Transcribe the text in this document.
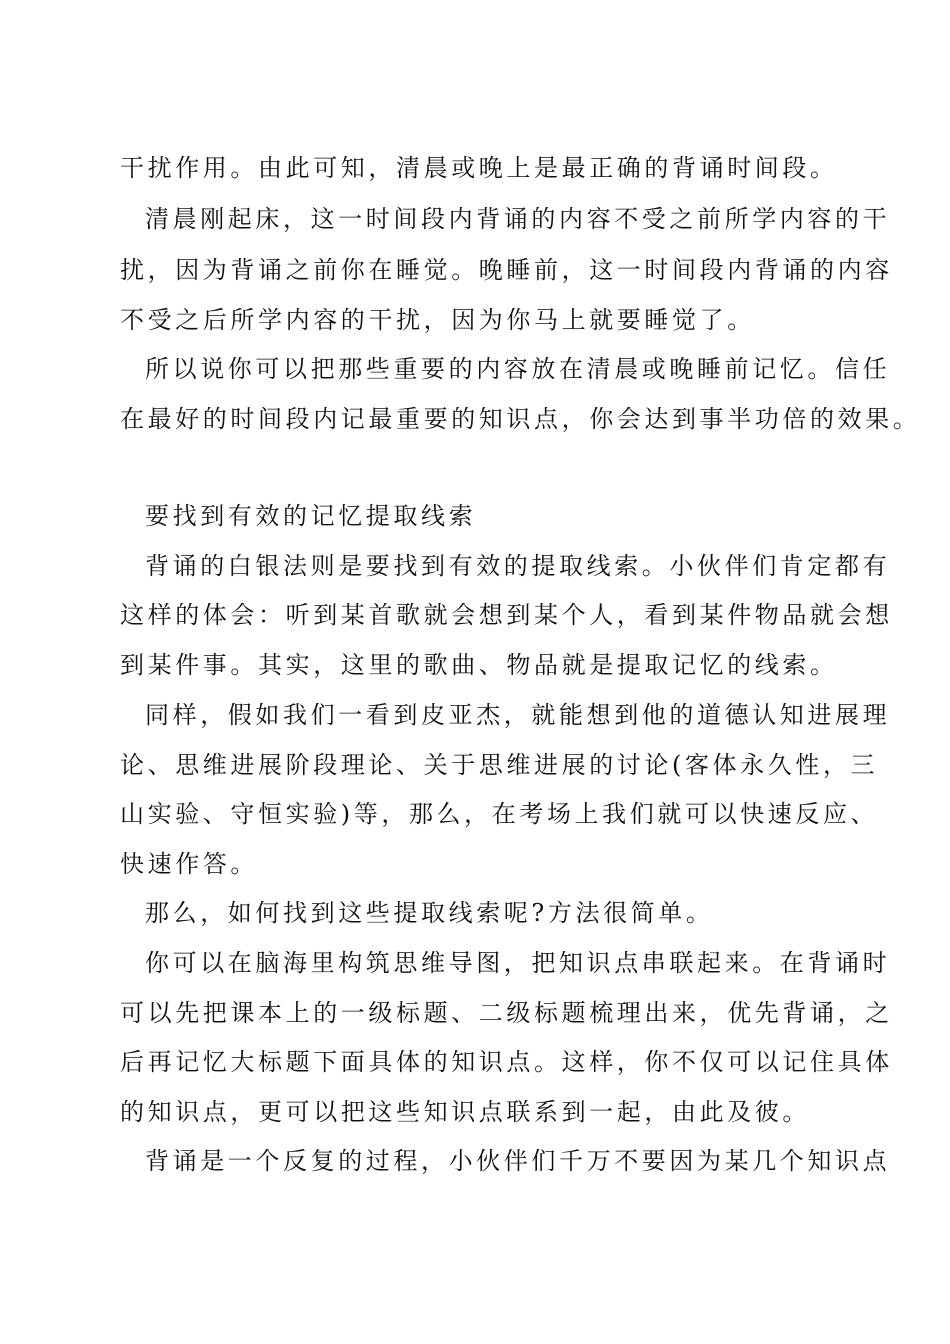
干扰作用。由此可知，清晨或晚上是最正确的背诵时间段。
清晨刚起床，这一时间段内背诵的内容不受之前所学内容的干
扰，因为背诵之前你在睡觉。晚睡前，这一时间段内背诵的内容
不受之后所学内容的干扰，因为你马上就要睡觉了。
所以说你可以把那些重要的内容放在清晨或晚睡前记忆。信任
在最好的时间段内记最重要的知识点，你会达到事半功倍的效果。
要找到有效的记忆提取线索
背诵的白银法则是要找到有效的提取线索。小伙伴们肯定都有
这样的体会：听到某首歌就会想到某个人，看到某件物品就会想
到某件事。其实，这里的歌曲、物品就是提取记忆的线索。
同样，假如我们一看到皮亚杰，就能想到他的道德认知进展理
论、思维进展阶段理论、关于思维进展的讨论(客体永久性，三
山实验、守恒实验)等，那么，在考场上我们就可以快速反应、
快速作答。
那么，如何找到这些提取线索呢?方法很简单。
你可以在脑海里构筑思维导图，把知识点串联起来。在背诵时
可以先把课本上的一级标题、二级标题梳理出来，优先背诵，之
后再记忆大标题下面具体的知识点。这样，你不仅可以记住具体
的知识点，更可以把这些知识点联系到一起，由此及彼。
背诵是一个反复的过程，小伙伴们千万不要因为某几个知识点
